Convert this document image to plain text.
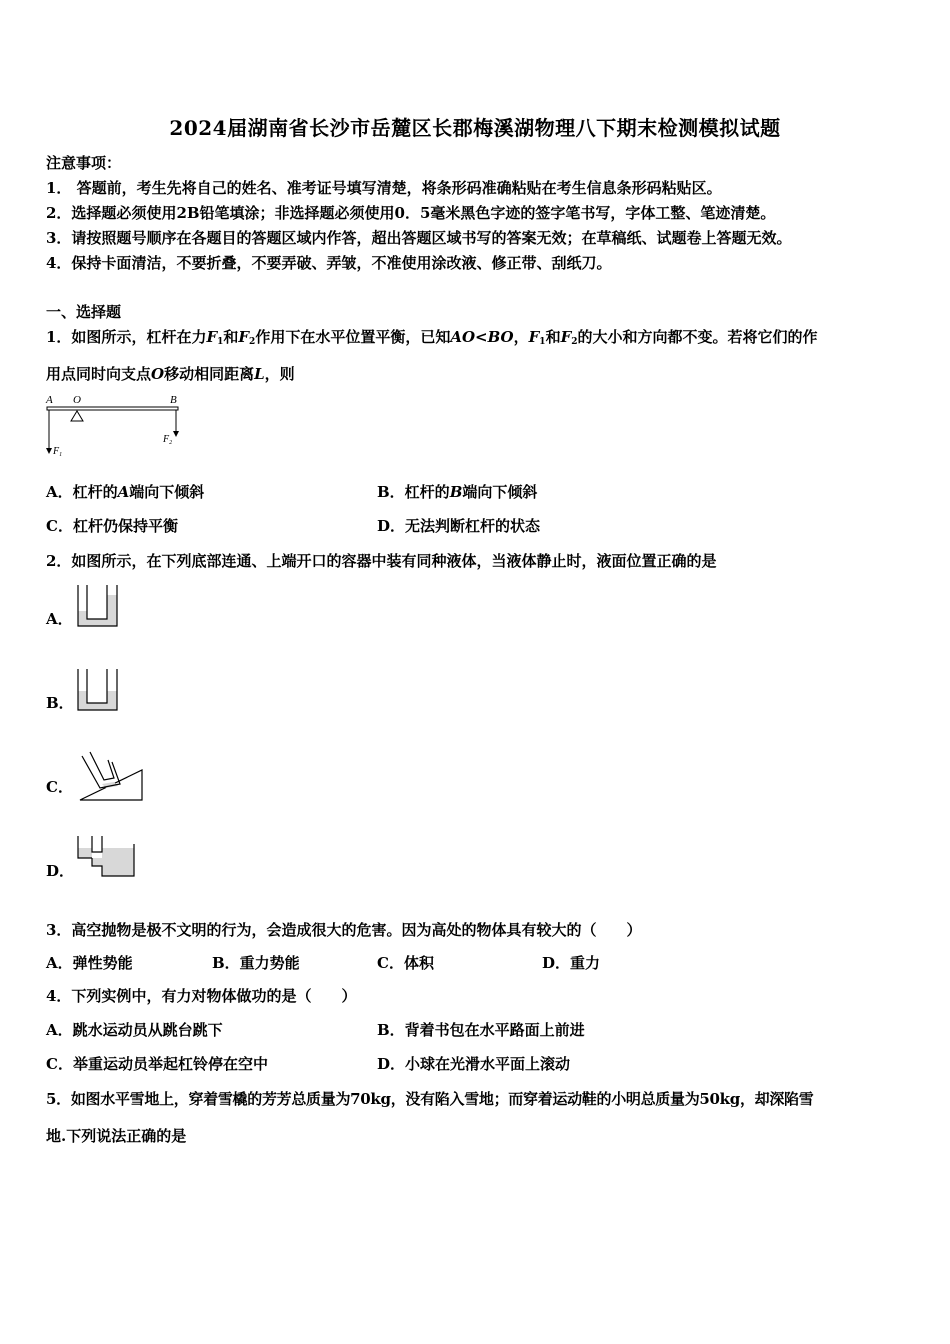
2024届湖南省长沙市岳麓区长郡梅溪湖物理八下期末检测模拟试题
注意事项：
1． 答题前，考生先将自己的姓名、准考证号填写清楚，将条形码准确粘贴在考生信息条形码粘贴区。
2．选择题必须使用2B铅笔填涂；非选择题必须使用0．5毫米黑色字迹的签字笔书写，字体工整、笔迹清楚。
3．请按照题号顺序在各题目的答题区域内作答，超出答题区域书写的答案无效；在草稿纸、试题卷上答题无效。
4．保持卡面清洁，不要折叠，不要弄破、弄皱，不准使用涂改液、修正带、刮纸刀。
一、选择题
1．如图所示，杠杆在力$F_1$和$F_2$作用下在水平位置平衡，已知AO<BO，$F_1$和$F_2$的大小和方向都不变。若将它们的作
用点同时向支点O移动相同距离L，则
A O	B
$F_1$
$F_2$
A．杠杆的A端向下倾斜	B．杠杆的B端向下倾斜
C．杠杆仍保持平衡	D．无法判断杠杆的状态
2．如图所示，在下列底部连通、上端开口的容器中装有同种液体，当液体静止时，液面位置正确的是
A．
B．
C．
D．
3．高空抛物是极不文明的行为，会造成很大的危害。因为高处的物体具有较大的（　　）
A．弹性势能	B．重力势能	C．体积	D．重力
4．下列实例中，有力对物体做功的是（　　）
A．跳水运动员从跳台跳下	B．背着书包在水平路面上前进
C．举重运动员举起杠铃停在空中	D．小球在光滑水平面上滚动
5．如图水平雪地上，穿着雪橇的芳芳总质量为70kg，没有陷入雪地；而穿着运动鞋的小明总质量为50kg，却深陷雪
地.下列说法正确的是
